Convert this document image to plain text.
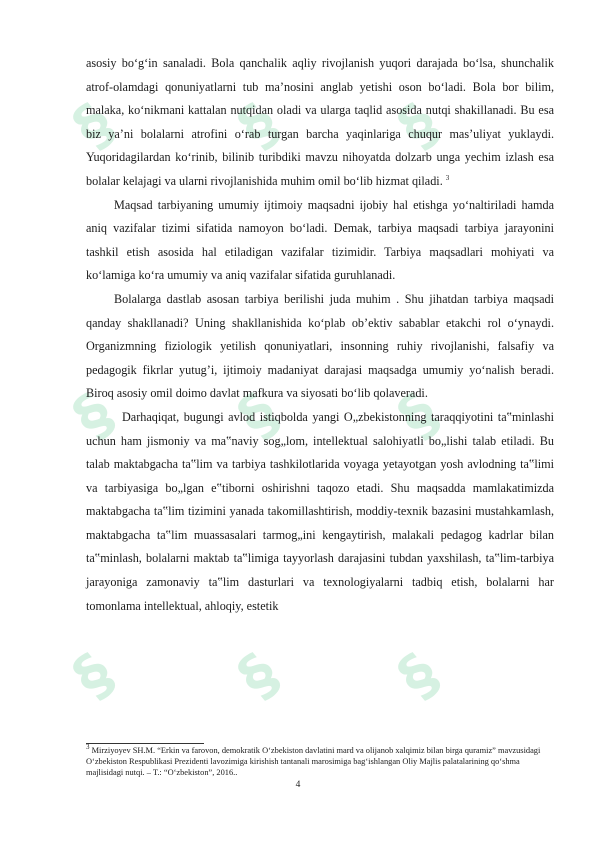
§ § §
§ § §
§ § §

asosiy bo‘g‘in sanaladi. Bola qanchalik aqliy rivojlanish yuqori darajada bo‘lsa, shunchalik atrof-olamdagi qonuniyatlarni tub ma’nosini anglab yetishi oson bo‘ladi. Bola bor bilim, malaka, ko‘nikmani kattalan nutqidan oladi va ularga taqlid asosida nutqi shakillanadi. Bu esa biz ya’ni bolalarni atrofini o‘rab turgan barcha yaqinlariga chuqur mas’uliyat yuklaydi. Yuqoridagilardan ko‘rinib, bilinib turibdiki mavzu nihoyatda dolzarb unga yechim izlash esa bolalar kelajagi va ularni rivojlanishida muhim omil bo‘lib hizmat qiladi. $^3$

Maqsad tarbiyaning umumiy ijtimoiy maqsadni ijobiy hal etishga yo‘naltiriladi hamda aniq vazifalar tizimi sifatida namoyon bo‘ladi. Demak, tarbiya maqsadi tarbiya jarayonini tashkil etish asosida hal etiladigan vazifalar tizimidir. Tarbiya maqsadlari mohiyati va ko‘lamiga ko‘ra umumiy va aniq vazifalar sifatida guruhlanadi.

Bolalarga dastlab asosan tarbiya berilishi juda muhim . Shu jihatdan tarbiya maqsadi qanday shakllanadi? Uning shakllanishida ko‘plab ob’ektiv sabablar etakchi rol o‘ynaydi. Organizmning fiziologik yetilish qonuniyatlari, insonning ruhiy rivojlanishi, falsafiy va pedagogik fikrlar yutug’i, ijtimoiy madaniyat darajasi maqsadga umumiy yo‘nalish beradi. Biroq asosiy omil doimo davlat mafkura va siyosati bo‘lib qolaveradi.

Darhaqiqat, bugungi avlod istiqbolda yangi O„zbekistonning taraqqiyotini ta‟minlashi uchun ham jismoniy va ma‟naviy sog„lom, intellektual salohiyatli bo„lishi talab etiladi. Bu talab maktabgacha ta‟lim va tarbiya tashkilotlarida voyaga yetayotgan yosh avlodning ta‟limi va tarbiyasiga bo„lgan e‟tiborni oshirishni taqozo etadi. Shu maqsadda mamlakatimizda maktabgacha ta‟lim tizimini yanada takomillashtirish, moddiy-texnik bazasini mustahkamlash, maktabgacha ta‟lim muassasalari tarmog„ini kengaytirish, malakali pedagog kadrlar bilan ta‟minlash, bolalarni maktab ta‟limiga tayyorlash darajasini tubdan yaxshilash, ta‟lim-tarbiya jarayoniga zamonaviy ta‟lim dasturlari va texnologiyalarni tadbiq etish, bolalarni har tomonlama intellektual, ahloqiy, estetik

$^3$ Mirziyoyev SH.M. “Erkin va farovon, demokratik O‘zbekiston davlatini mard va olijanob xalqimiz bilan birga quramiz” mavzusidagi O‘zbekiston Respublikasi Prezidenti lavozimiga kirishish tantanali marosimiga bag‘ishlangan Oliy Majlis palatalarining qo‘shma majlisidagi nutqi. – T.: “O‘zbekiston”, 2016..

4
